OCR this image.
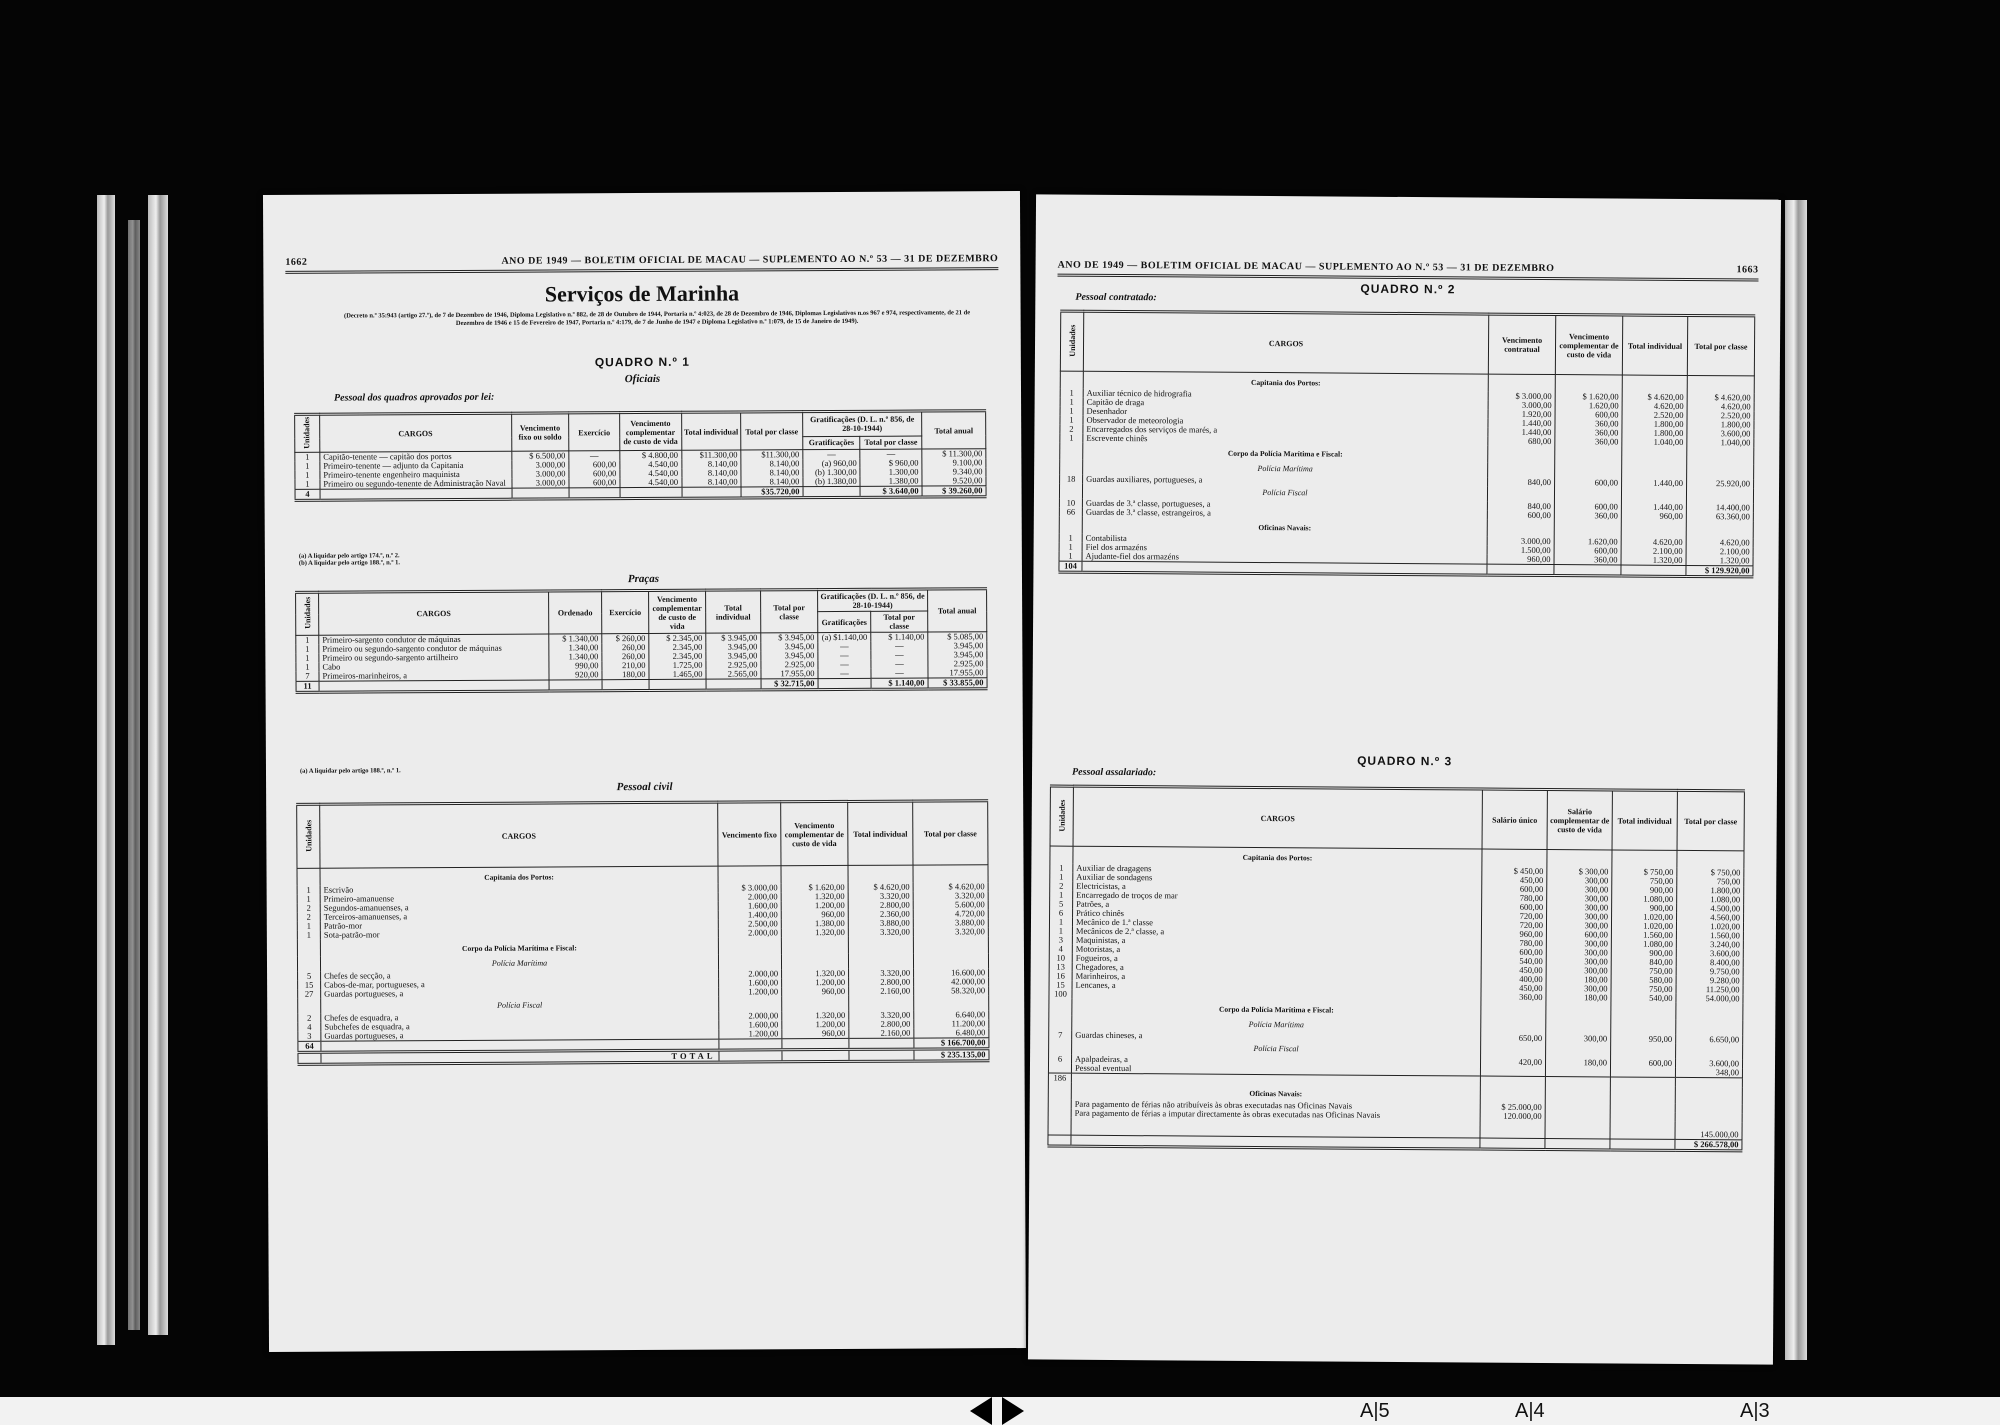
1662	ANO DE 1949 — BOLETIM OFICIAL DE MACAU — SUPLEMENTO AO N.º 53 — 31 DE DEZEMBRO
Serviços de Marinha
(Decreto n.º 35:943 (artigo 27.º), de 7 de Dezembro de 1946, Diploma Legislativo n.º 882, de 28 de Outubro de 1944, Portaria n.º 4:023, de 28 de Dezembro de 1946, Diplomas Legislativos n.os 967 e 974, respectivamente, de 21 de Dezembro de 1946 e 15 de Fevereiro de 1947, Portaria n.º 4:179, de 7 de Junho de 1947 e Diploma Legislativo n.º 1:079, de 15 de Janeiro de 1949).
QUADRO N.º 1
Oficiais
Pessoal dos quadros aprovados por lei:
Unidades	CARGOS	Vencimento fixo ou soldo	Exercício	Vencimento complementar de custo de vida	Total individual	Total por classe	Gratificações (D. L. n.º 856, de 28-10-1944)		Total anual
							Gratificações	Total por classe	
1	Capitão-tenente — capitão dos portos	$ 6.500,00	—	$ 4.800,00	$11.300,00	$11.300,00	—	—	$ 11.300,00
1	Primeiro-tenente — adjunto da Capitania	3.000,00	600,00	4.540,00	8.140,00	8.140,00	(a) 960,00	$ 960,00	9.100,00
1	Primeiro-tenente engenheiro maquinista	3.000,00	600,00	4.540,00	8.140,00	8.140,00	(b) 1.300,00	1.300,00	9.340,00
1	Primeiro ou segundo-tenente de Administração Naval	3.000,00	600,00	4.540,00	8.140,00	8.140,00	(b) 1.380,00	1.380,00	9.520,00
4						$35.720,00		$ 3.640,00	$ 39.260,00
(a) A liquidar pelo artigo 174.º, n.º 2.
(b) A liquidar pelo artigo 188.º, n.º 1.
Praças
Unidades	CARGOS	Ordenado	Exercício	Vencimento complementar de custo de vida	Total individual	Total por classe	Gratificações (D. L. n.º 856, de 28-10-1944)		Total anual
							Gratificações	Total por classe	
1	Primeiro-sargento condutor de máquinas	$ 1.340,00	$ 260,00	$ 2.345,00	$ 3.945,00	$ 3.945,00	(a) $1.140,00	$ 1.140,00	$ 5.085,00
1	Primeiro ou segundo-sargento condutor de máquinas	1.340,00	260,00	2.345,00	3.945,00	3.945,00	—	—	3.945,00
1	Primeiro ou segundo-sargento artilheiro	1.340,00	260,00	2.345,00	3.945,00	3.945,00	—	—	3.945,00
1	Cabo	990,00	210,00	1.725,00	2.925,00	2.925,00	—	—	2.925,00
7	Primeiros-marinheiros, a	920,00	180,00	1.465,00	2.565,00	17.955,00	—	—	17.955,00
11						$ 32.715,00		$ 1.140,00	$ 33.855,00
(a) A liquidar pelo artigo 188.º, n.º 1.
Pessoal civil
Unidades	CARGOS	Vencimento fixo	Vencimento complementar de custo de vida	Total individual	Total por classe
	Capitania dos Portos:				
1	Escrivão	$ 3.000,00	$ 1.620,00	$ 4.620,00	$ 4.620,00
1	Primeiro-amanuense	2.000,00	1.320,00	3.320,00	3.320,00
2	Segundos-amanuenses, a	1.600,00	1.200,00	2.800,00	5.600,00
2	Terceiros-amanuenses, a	1.400,00	960,00	2.360,00	4.720,00
1	Patrão-mor	2.500,00	1.380,00	3.880,00	3.880,00
1	Sota-patrão-mor	2.000,00	1.320,00	3.320,00	3.320,00
	Corpo da Polícia Marítima e Fiscal:				
	Polícia Marítima				
5	Chefes de secção, a	2.000,00	1.320,00	3.320,00	16.600,00
15	Cabos-de-mar, portugueses, a	1.600,00	1.200,00	2.800,00	42.000,00
27	Guardas portugueses, a	1.200,00	960,00	2.160,00	58.320,00
	Polícia Fiscal				
2	Chefes de esquadra, a	2.000,00	1.320,00	3.320,00	6.640,00
4	Subchefes de esquadra, a	1.600,00	1.200,00	2.800,00	11.200,00
3	Guardas portugueses, a	1.200,00	960,00	2.160,00	6.480,00
64					$ 166.700,00
	TOTAL				$ 235.135,00
ANO DE 1949 — BOLETIM OFICIAL DE MACAU — SUPLEMENTO AO N.º 53 — 31 DE DEZEMBRO	1663
QUADRO N.º 2
Pessoal contratado:
Unidades	CARGOS	Vencimento contratual	Vencimento complementar de custo de vida	Total individual	Total por classe
	Capitania dos Portos:				
1	Auxiliar técnico de hidrografia	$ 3.000,00	$ 1.620,00	$ 4.620,00	$ 4.620,00
1	Capitão de draga	3.000,00	1.620,00	4.620,00	4.620,00
1	Desenhador	1.920,00	600,00	2.520,00	2.520,00
1	Observador de meteorologia	1.440,00	360,00	1.800,00	1.800,00
2	Encarregados dos serviços de marés, a	1.440,00	360,00	1.800,00	3.600,00
1	Escrevente chinês	680,00	360,00	1.040,00	1.040,00
	Corpo da Polícia Marítima e Fiscal:				
	Polícia Marítima				
18	Guardas auxiliares, portugueses, a	840,00	600,00	1.440,00	25.920,00
	Polícia Fiscal				
10	Guardas de 3.ª classe, portugueses, a	840,00	600,00	1.440,00	14.400,00
66	Guardas de 3.ª classe, estrangeiros, a	600,00	360,00	960,00	63.360,00
	Oficinas Navais:				
1	Contabilista	3.000,00	1.620,00	4.620,00	4.620,00
1	Fiel dos armazéns	1.500,00	600,00	2.100,00	2.100,00
1	Ajudante-fiel dos armazéns	960,00	360,00	1.320,00	1.320,00
104					$ 129.920,00
QUADRO N.º 3
Pessoal assalariado:
Unidades	CARGOS	Salário único	Salário complementar de custo de vida	Total individual	Total por classe
	Capitania dos Portos:				
1	Auxiliar de dragagens	$ 450,00	$ 300,00	$ 750,00	$ 750,00
1	Auxiliar de sondagens	450,00	300,00	750,00	750,00
2	Electricistas, a	600,00	300,00	900,00	1.800,00
1	Encarregado de troços de mar	780,00	300,00	1.080,00	1.080,00
5	Patrões, a	600,00	300,00	900,00	4.500,00
6	Prático chinês	720,00	300,00	1.020,00	4.560,00
1	Mecânico de 1.ª classe	720,00	300,00	1.020,00	1.020,00
1	Mecânicos de 2.ª classe, a	960,00	600,00	1.560,00	1.560,00
3	Maquinistas, a	780,00	300,00	1.080,00	3.240,00
4	Motoristas, a	600,00	300,00	900,00	3.600,00
10	Fogueiros, a	540,00	300,00	840,00	8.400,00
13	Chegadores, a	450,00	300,00	750,00	9.750,00
16	Marinheiros, a	400,00	180,00	580,00	9.280,00
15	Lencanes, a	450,00	300,00	750,00	11.250,00
100		360,00	180,00	540,00	54.000,00
	Corpo da Polícia Marítima e Fiscal:				
	Polícia Marítima				
7	Guardas chineses, a	650,00	300,00	950,00	6.650,00
	Polícia Fiscal				
6	Apalpadeiras, a	420,00	180,00	600,00	3.600,00
	Pessoal eventual				348,00
186					
	Oficinas Navais:				
	Para pagamento de férias não atribuíveis às obras executadas nas Oficinas Navais	$ 25.000,00			
	Para pagamento de férias a imputar directamente às obras executadas nas Oficinas Navais	120.000,00			
					145.000,00
					$ 266.578,00
A|5	A|4	A|3
